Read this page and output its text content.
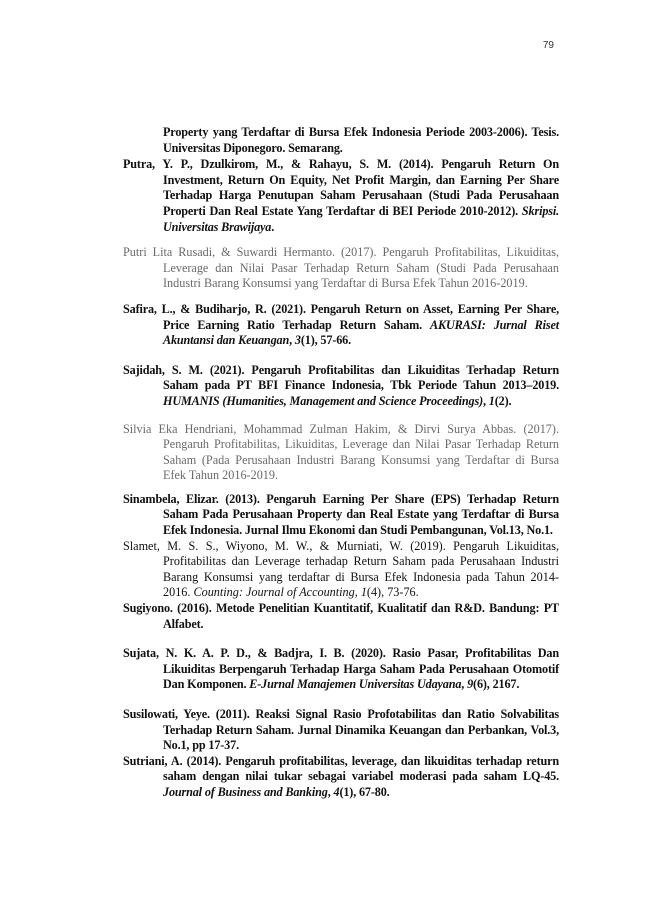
79

Property yang Terdaftar di Bursa Efek Indonesia Periode 2003-2006). Tesis. Universitas Diponegoro. Semarang.

Putra, Y. P., Dzulkirom, M., & Rahayu, S. M. (2014). Pengaruh Return On Investment, Return On Equity, Net Profit Margin, dan Earning Per Share Terhadap Harga Penutupan Saham Perusahaan (Studi Pada Perusahaan Properti Dan Real Estate Yang Terdaftar di BEI Periode 2010-2012). Skripsi. Universitas Brawijaya.

Putri Lita Rusadi, & Suwardi Hermanto. (2017). Pengaruh Profitabilitas, Likuiditas, Leverage dan Nilai Pasar Terhadap Return Saham (Studi Pada Perusahaan Industri Barang Konsumsi yang Terdaftar di Bursa Efek Tahun 2016-2019.

Safira, L., & Budiharjo, R. (2021). Pengaruh Return on Asset, Earning Per Share, Price Earning Ratio Terhadap Return Saham. AKURASI: Jurnal Riset Akuntansi dan Keuangan, 3(1), 57-66.

Sajidah, S. M. (2021). Pengaruh Profitabilitas dan Likuiditas Terhadap Return Saham pada PT BFI Finance Indonesia, Tbk Periode Tahun 2013–2019. HUMANIS (Humanities, Management and Science Proceedings), 1(2).

Silvia Eka Hendriani, Mohammad Zulman Hakim, & Dirvi Surya Abbas. (2017). Pengaruh Profitabilitas, Likuiditas, Leverage dan Nilai Pasar Terhadap Return Saham (Pada Perusahaan Industri Barang Konsumsi yang Terdaftar di Bursa Efek Tahun 2016-2019.

Sinambela, Elizar. (2013). Pengaruh Earning Per Share (EPS) Terhadap Return Saham Pada Perusahaan Property dan Real Estate yang Terdaftar di Bursa Efek Indonesia. Jurnal Ilmu Ekonomi dan Studi Pembangunan, Vol.13, No.1.

Slamet, M. S. S., Wiyono, M. W., & Murniati, W. (2019). Pengaruh Likuiditas, Profitabilitas dan Leverage terhadap Return Saham pada Perusahaan Industri Barang Konsumsi yang terdaftar di Bursa Efek Indonesia pada Tahun 2014-2016. Counting: Journal of Accounting, 1(4), 73-76.

Sugiyono. (2016). Metode Penelitian Kuantitatif, Kualitatif dan R&D. Bandung: PT Alfabet.

Sujata, N. K. A. P. D., & Badjra, I. B. (2020). Rasio Pasar, Profitabilitas Dan Likuiditas Berpengaruh Terhadap Harga Saham Pada Perusahaan Otomotif Dan Komponen. E-Jurnal Manajemen Universitas Udayana, 9(6), 2167.

Susilowati, Yeye. (2011). Reaksi Signal Rasio Profotabilitas dan Ratio Solvabilitas Terhadap Return Saham. Jurnal Dinamika Keuangan dan Perbankan, Vol.3, No.1, pp 17-37.

Sutriani, A. (2014). Pengaruh profitabilitas, leverage, dan likuiditas terhadap return saham dengan nilai tukar sebagai variabel moderasi pada saham LQ-45. Journal of Business and Banking, 4(1), 67-80.
